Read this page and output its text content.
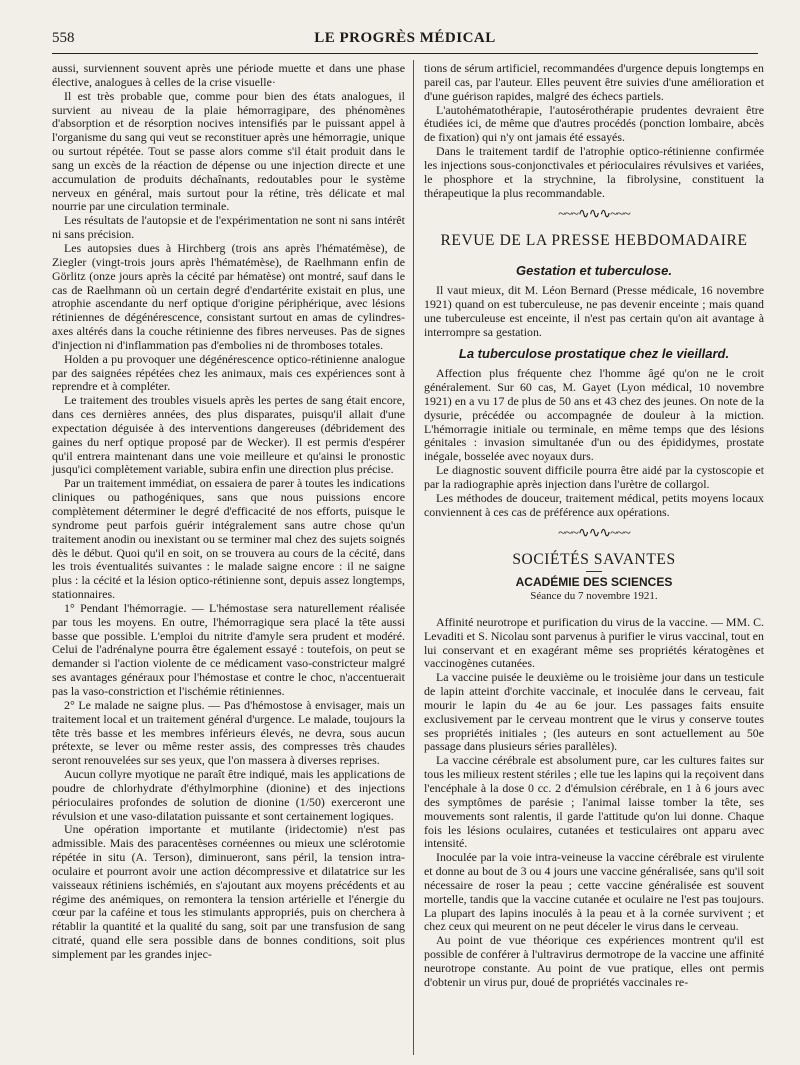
558	LE PROGRÈS MÉDICAL

aussi, surviennent souvent après une période muette et dans une phase élective, analogues à celles de la crise visuelle·

Il est très probable que, comme pour bien des états analogues, il survient au niveau de la plaie hémorragipare, des phénomènes d'absorption et de résorption nocives intensifiés par le puissant appel à l'organisme du sang qui veut se reconstituer après une hémorragie, unique ou surtout répétée. Tout se passe alors comme s'il était produit dans le sang un excès de la réaction de dépense ou une injection directe et une accumulation de produits déchaînants, redoutables pour le système nerveux en général, mais surtout pour la rétine, très délicate et mal nourrie par une circulation terminale.

Les résultats de l'autopsie et de l'expérimentation ne sont ni sans intérêt ni sans précision.

Les autopsies dues à Hirchberg (trois ans après l'hématémèse), de Ziegler (vingt-trois jours après l'hématémèse), de Raelhmann enfin de Görlitz (onze jours après la cécité par hématèse) ont montré, sauf dans le cas de Raelhmann où un certain degré d'endartérite existait en plus, une atrophie ascendante du nerf optique d'origine périphérique, avec lésions rétiniennes de dégénérescence, consistant surtout en amas de cylindres-axes altérés dans la couche rétinienne des fibres nerveuses. Pas de signes d'injection ni d'inflammation pas d'embolies ni de thromboses totales.

Holden a pu provoquer une dégénérescence optico-rétinienne analogue par des saignées répétées chez les animaux, mais ces expériences sont à reprendre et à compléter.

Le traitement des troubles visuels après les pertes de sang était encore, dans ces dernières années, des plus disparates, puisqu'il allait d'une expectation déguisée à des interventions dangereuses (débridement des gaines du nerf optique proposé par de Wecker). Il est permis d'espérer qu'il entrera maintenant dans une voie meilleure et qu'ainsi le pronostic jusqu'ici complètement variable, subira enfin une direction plus précise.

Par un traitement immédiat, on essaiera de parer à toutes les indications cliniques ou pathogéniques, sans que nous puissions encore complètement déterminer le degré d'efficacité de nos efforts, puisque le syndrome peut parfois guérir intégralement sans autre chose qu'un traitement anodin ou inexistant ou se terminer mal chez des sujets soignés dès le début. Quoi qu'il en soit, on se trouvera au cours de la cécité, dans les trois éventualités suivantes : le malade saigne encore : il ne saigne plus : la cécité et la lésion optico-rétinienne sont, depuis assez longtemps, stationnaires.

1° Pendant l'hémorragie. — L'hémostase sera naturellement réalisée par tous les moyens. En outre, l'hémorragique sera placé la tête aussi basse que possible. L'emploi du nitrite d'amyle sera prudent et modéré. Celui de l'adrénalyne pourra être également essayé : toutefois, on peut se demander si l'action violente de ce médicament vaso-constricteur malgré ses avantages généraux pour l'hémostase et contre le choc, n'accentuerait pas la vaso-constriction et l'ischémie rétiniennes.

2° Le malade ne saigne plus. — Pas d'hémostose à envisager, mais un traitement local et un traitement général d'urgence. Le malade, toujours la tête très basse et les membres inférieurs élevés, ne devra, sous aucun prétexte, se lever ou même rester assis, des compresses très chaudes seront renouvelées sur ses yeux, que l'on massera à diverses reprises.

Aucun collyre myotique ne paraît être indiqué, mais les applications de poudre de chlorhydrate d'éthylmorphine (dionine) et des injections périoculaires profondes de solution de dionine (1/50) exerceront une révulsion et une vaso-dilatation puissante et sont certainement logiques.

Une opération importante et mutilante (iridectomie) n'est pas admissible. Mais des paracentèses cornéennes ou mieux une sclérotomie répétée in situ (A. Terson), diminueront, sans péril, la tension intra-oculaire et pourront avoir une action décompressive et dilatatrice sur les vaisseaux rétiniens ischémiés, en s'ajoutant aux moyens précédents et au régime des anémiques, on remontera la tension artérielle et l'énergie du cœur par la caféine et tous les stimulants appropriés, puis on cherchera à rétablir la quantité et la qualité du sang, soit par une transfusion de sang citraté, quand elle sera possible dans de bonnes conditions, soit plus simplement par les grandes injec-

tions de sérum artificiel, recommandées d'urgence depuis longtemps en pareil cas, par l'auteur. Elles peuvent être suivies d'une amélioration et d'une guérison rapides, malgré des échecs partiels.

L'autohématothérapie, l'autosérothérapie prudentes devraient être étudiées ici, de même que d'autres procédés (ponction lombaire, abcès de fixation) qui n'y ont jamais été essayés.

Dans le traitement tardif de l'atrophie optico-rétinienne confirmée les injections sous-conjonctivales et périoculaires révulsives et variées, le phosphore et la strychnine, la fibrolysine, constituent la thérapeutique la plus recommandable.

~~~∿∿∿~~~
REVUE DE LA PRESSE HEBDOMADAIRE
Gestation et tuberculose.

Il vaut mieux, dit M. Léon Bernard (Presse médicale, 16 novembre 1921) quand on est tuberculeuse, ne pas devenir enceinte ; mais quand une tuberculeuse est enceinte, il n'est pas certain qu'on ait avantage à interrompre sa gestation.

La tuberculose prostatique chez le vieillard.

Affection plus fréquente chez l'homme âgé qu'on ne le croit généralement. Sur 60 cas, M. Gayet (Lyon médical, 10 novembre 1921) en a vu 17 de plus de 50 ans et 43 chez des jeunes. On note de la dysurie, précédée ou accompagnée de douleur à la miction. L'hémorragie initiale ou terminale, en même temps que des lésions génitales : invasion simultanée d'un ou des épididymes, prostate inégale, bosselée avec noyaux durs.

Le diagnostic souvent difficile pourra être aidé par la cystoscopie et par la radiographie après injection dans l'urètre de collargol.

Les méthodes de douceur, traitement médical, petits moyens locaux conviennent à ces cas de préférence aux opérations.

~~~∿∿∿~~~
SOCIÉTÉS SAVANTES
ACADÉMIE DES SCIENCES
Séance du 7 novembre 1921.

Affinité neurotrope et purification du virus de la vaccine. — MM. C. Levaditi et S. Nicolau sont parvenus à purifier le virus vaccinal, tout en lui conservant et en exagérant même ses propriétés kératogènes et vaccinogènes cutanées.

La vaccine puisée le deuxième ou le troisième jour dans un testicule de lapin atteint d'orchite vaccinale, et inoculée dans le cerveau, fait mourir le lapin du 4e au 6e jour. Les passages faits ensuite exclusivement par le cerveau montrent que le virus y conserve toutes ses propriétés initiales ; (les auteurs en sont actuellement au 50e passage dans plusieurs séries parallèles).

La vaccine cérébrale est absolument pure, car les cultures faites sur tous les milieux restent stériles ; elle tue les lapins qui la reçoivent dans l'encéphale à la dose 0 cc. 2 d'émulsion cérébrale, en 1 à 6 jours avec des symptômes de parésie ; l'animal laisse tomber la tête, ses mouvements sont ralentis, il garde l'attitude qu'on lui donne. Chaque fois les lésions oculaires, cutanées et testiculaires ont apparu avec intensité.

Inoculée par la voie intra-veineuse la vaccine cérébrale est virulente et donne au bout de 3 ou 4 jours une vaccine généralisée, sans qu'il soit nécessaire de roser la peau ; cette vaccine généralisée est souvent mortelle, tandis que la vaccine cutanée et oculaire ne l'est pas toujours. La plupart des lapins inoculés à la peau et à la cornée survivent ; et chez ceux qui meurent on ne peut déceler le virus dans le cerveau.

Au point de vue théorique ces expériences montrent qu'il est possible de conférer à l'ultravirus dermotrope de la vaccine une affinité neurotrope constante. Au point de vue pratique, elles ont permis d'obtenir un virus pur, doué de propriétés vaccinales re-
